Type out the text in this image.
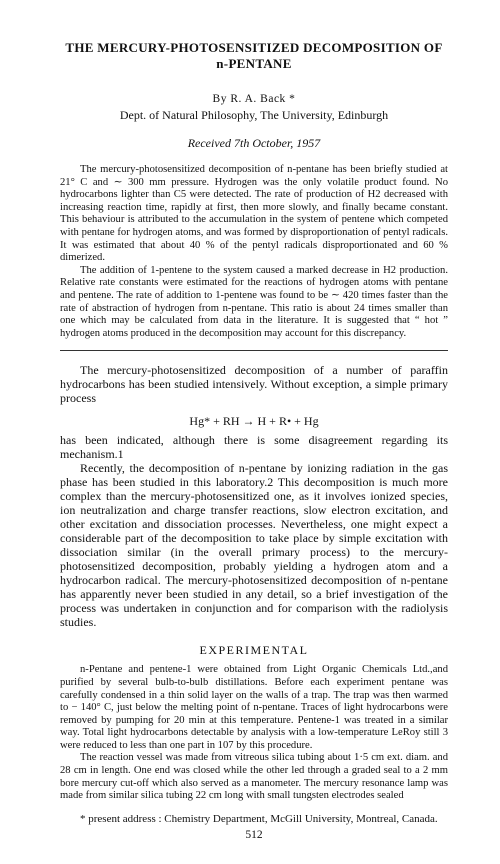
THE MERCURY-PHOTOSENSITIZED DECOMPOSITION OF n-PENTANE
By R. A. Back *
Dept. of Natural Philosophy, The University, Edinburgh
Received 7th October, 1957

The mercury-photosensitized decomposition of n-pentane has been briefly studied at 21° C and ∼ 300 mm pressure. Hydrogen was the only volatile product found. No hydrocarbons lighter than C5 were detected. The rate of production of H2 decreased with increasing reaction time, rapidly at first, then more slowly, and finally became constant. This behaviour is attributed to the accumulation in the system of pentene which competed with pentane for hydrogen atoms, and was formed by disproportionation of pentyl radicals. It was estimated that about 40 % of the pentyl radicals disproportionated and 60 % dimerized.

The addition of 1-pentene to the system caused a marked decrease in H2 production. Relative rate constants were estimated for the reactions of hydrogen atoms with pentane and pentene. The rate of addition to 1-pentene was found to be ∼ 420 times faster than the rate of abstraction of hydrogen from n-pentane. This ratio is about 24 times smaller than one which may be calculated from data in the literature. It is suggested that “ hot ” hydrogen atoms produced in the decomposition may account for this discrepancy.

The mercury-photosensitized decomposition of a number of paraffin hydrocarbons has been studied intensively. Without exception, a simple primary process

Hg* + RH → H + R• + Hg

has been indicated, although there is some disagreement regarding its mechanism.1

Recently, the decomposition of n-pentane by ionizing radiation in the gas phase has been studied in this laboratory.2 This decomposition is much more complex than the mercury-photosensitized one, as it involves ionized species, ion neutralization and charge transfer reactions, slow electron excitation, and other excitation and dissociation processes. Nevertheless, one might expect a considerable part of the decomposition to take place by simple excitation with dissociation similar (in the overall primary process) to the mercury-photosensitized decomposition, probably yielding a hydrogen atom and a hydrocarbon radical. The mercury-photosensitized decomposition of n-pentane has apparently never been studied in any detail, so a brief investigation of the process was undertaken in conjunction and for comparison with the radiolysis studies.

EXPERIMENTAL

n-Pentane and pentene-1 were obtained from Light Organic Chemicals Ltd.,and purified by several bulb-to-bulb distillations. Before each experiment pentane was carefully condensed in a thin solid layer on the walls of a trap. The trap was then warmed to − 140° C, just below the melting point of n-pentane. Traces of light hydrocarbons were removed by pumping for 20 min at this temperature. Pentene-1 was treated in a similar way. Total light hydrocarbons detectable by analysis with a low-temperature LeRoy still 3 were reduced to less than one part in 107 by this procedure.

The reaction vessel was made from vitreous silica tubing about 1·5 cm ext. diam. and 28 cm in length. One end was closed while the other led through a graded seal to a 2 mm bore mercury cut-off which also served as a manometer. The mercury resonance lamp was made from similar silica tubing 22 cm long with small tungsten electrodes sealed

* present address : Chemistry Department, McGill University, Montreal, Canada.
512
